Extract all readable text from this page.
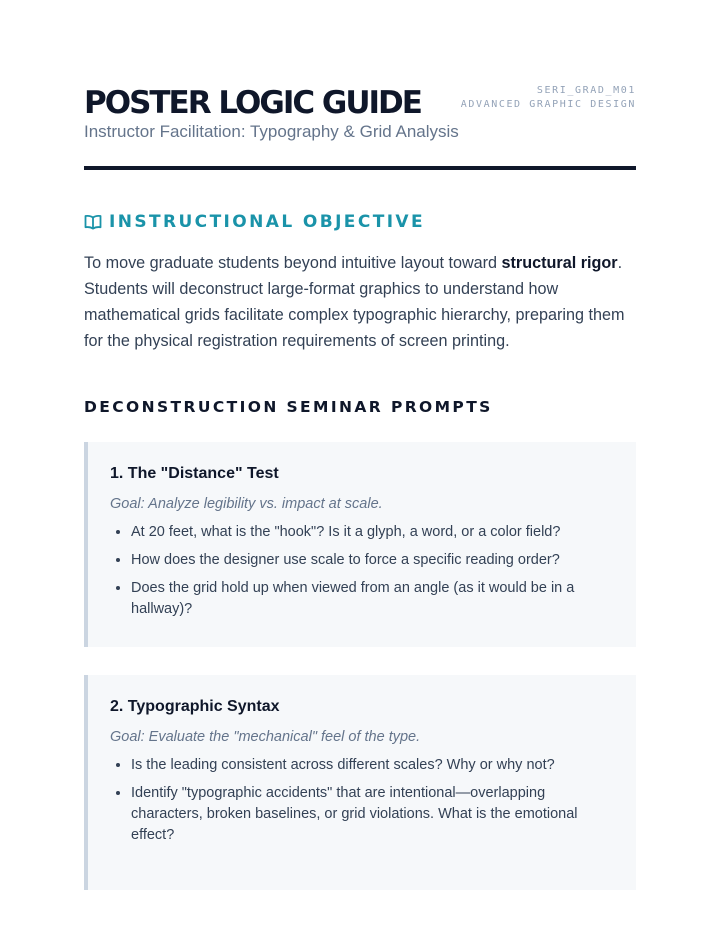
POSTER LOGIC GUIDE
Instructor Facilitation: Typography & Grid Analysis
SERI_GRAD_M01
ADVANCED GRAPHIC DESIGN
INSTRUCTIONAL OBJECTIVE

To move graduate students beyond intuitive layout toward structural rigor. Students will deconstruct large-format graphics to understand how mathematical grids facilitate complex typographic hierarchy, preparing them for the physical registration requirements of screen printing.

DECONSTRUCTION SEMINAR PROMPTS
1. The "Distance" Test

Goal: Analyze legibility vs. impact at scale.

• At 20 feet, what is the "hook"? Is it a glyph, a word, or a color field?
• How does the designer use scale to force a specific reading order?
• Does the grid hold up when viewed from an angle (as it would be in a hallway)?
2. Typographic Syntax

Goal: Evaluate the "mechanical" feel of the type.

• Is the leading consistent across different scales? Why or why not?
• Identify "typographic accidents" that are intentional—overlapping characters, broken baselines, or grid violations. What is the emotional effect?
